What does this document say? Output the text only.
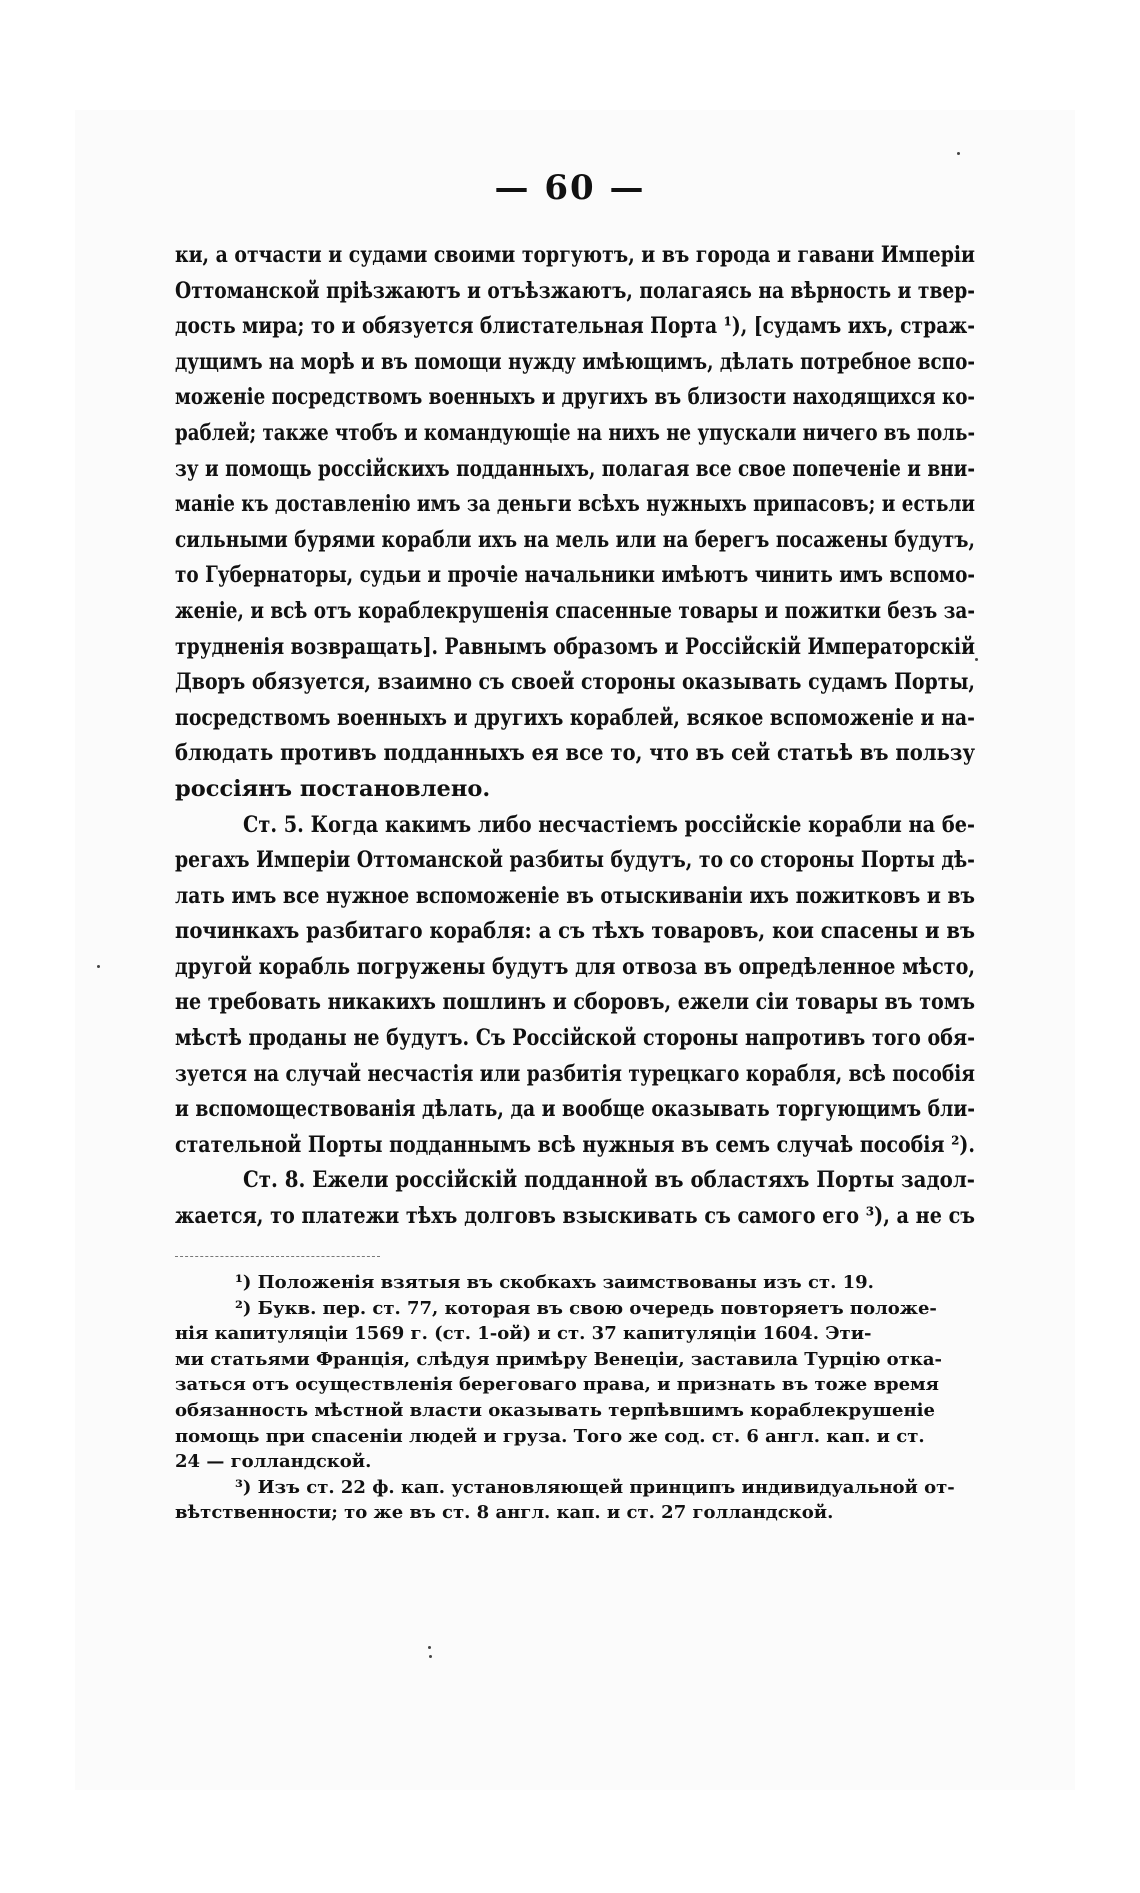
— 60 —
ки, а отчасти и судами своими торгуютъ, и въ города и гавани Имперіи
Оттоманской пріѣзжаютъ и отъѣзжаютъ, полагаясь на вѣрность и твер-
дость мира; то и обязуется блистательная Порта ¹), [судамъ ихъ, страж-
дущимъ на морѣ и въ помощи нужду имѣющимъ, дѣлать потребное вспо-
моженіе посредствомъ военныхъ и другихъ въ близости находящихся ко-
раблей; также чтобъ и командующіе на нихъ не упускали ничего въ поль-
зу и помощь россійскихъ подданныхъ, полагая все свое попеченіе и вни-
маніе къ доставленію имъ за деньги всѣхъ нужныхъ припасовъ; и естьли
сильными бурями корабли ихъ на мель или на берегъ посажены будутъ,
то Губернаторы, судьи и прочіе начальники имѣютъ чинить имъ вспомо-
женіе, и всѣ отъ кораблекрушенія спасенные товары и пожитки безъ за-
трудненія возвращать]. Равнымъ образомъ и Россійскій Императорскій
Дворъ обязуется, взаимно съ своей стороны оказывать судамъ Порты,
посредствомъ военныхъ и другихъ кораблей, всякое вспоможеніе и на-
блюдать противъ подданныхъ ея все то, что въ сей статьѣ въ пользу
россіянъ постановлено.
Ст. 5. Когда какимъ либо несчастіемъ россійскіе корабли на бе-
регахъ Имперіи Оттоманской разбиты будутъ, то со стороны Порты дѣ-
лать имъ все нужное вспоможеніе въ отыскиваніи ихъ пожитковъ и въ
починкахъ разбитаго корабля: а съ тѣхъ товаровъ, кои спасены и въ
другой корабль погружены будутъ для отвоза въ опредѣленное мѣсто,
не требовать никакихъ пошлинъ и сборовъ, ежели сіи товары въ томъ
мѣстѣ проданы не будутъ. Съ Россійской стороны напротивъ того обя-
зуется на случай несчастія или разбитія турецкаго корабля, всѣ пособія
и вспомоществованія дѣлать, да и вообще оказывать торгующимъ бли-
стательной Порты подданнымъ всѣ нужныя въ семъ случаѣ пособія ²).
Ст. 8. Ежели россійскій подданной въ областяхъ Порты задол-
жается, то платежи тѣхъ долговъ взыскивать съ самого его ³), а не съ
¹) Положенія взятыя въ скобкахъ заимствованы изъ ст. 19.
²) Букв. пер. ст. 77, которая въ свою очередь повторяетъ положе-
нія капитуляціи 1569 г. (ст. 1-ой) и ст. 37 капитуляціи 1604. Эти-
ми статьями Франція, слѣдуя примѣру Венеціи, заставила Турцію отка-
заться отъ осуществленія береговаго права, и признать въ тоже время
обязанность мѣстной власти оказывать терпѣвшимъ кораблекрушеніе
помощь при спасеніи людей и груза. Того же сод. ст. 6 англ. кап. и ст.
24 — голландской.
³) Изъ ст. 22 ф. кап. установляющей принципъ индивидуальной от-
вѣтственности; то же въ ст. 8 англ. кап. и ст. 27 голландской.
